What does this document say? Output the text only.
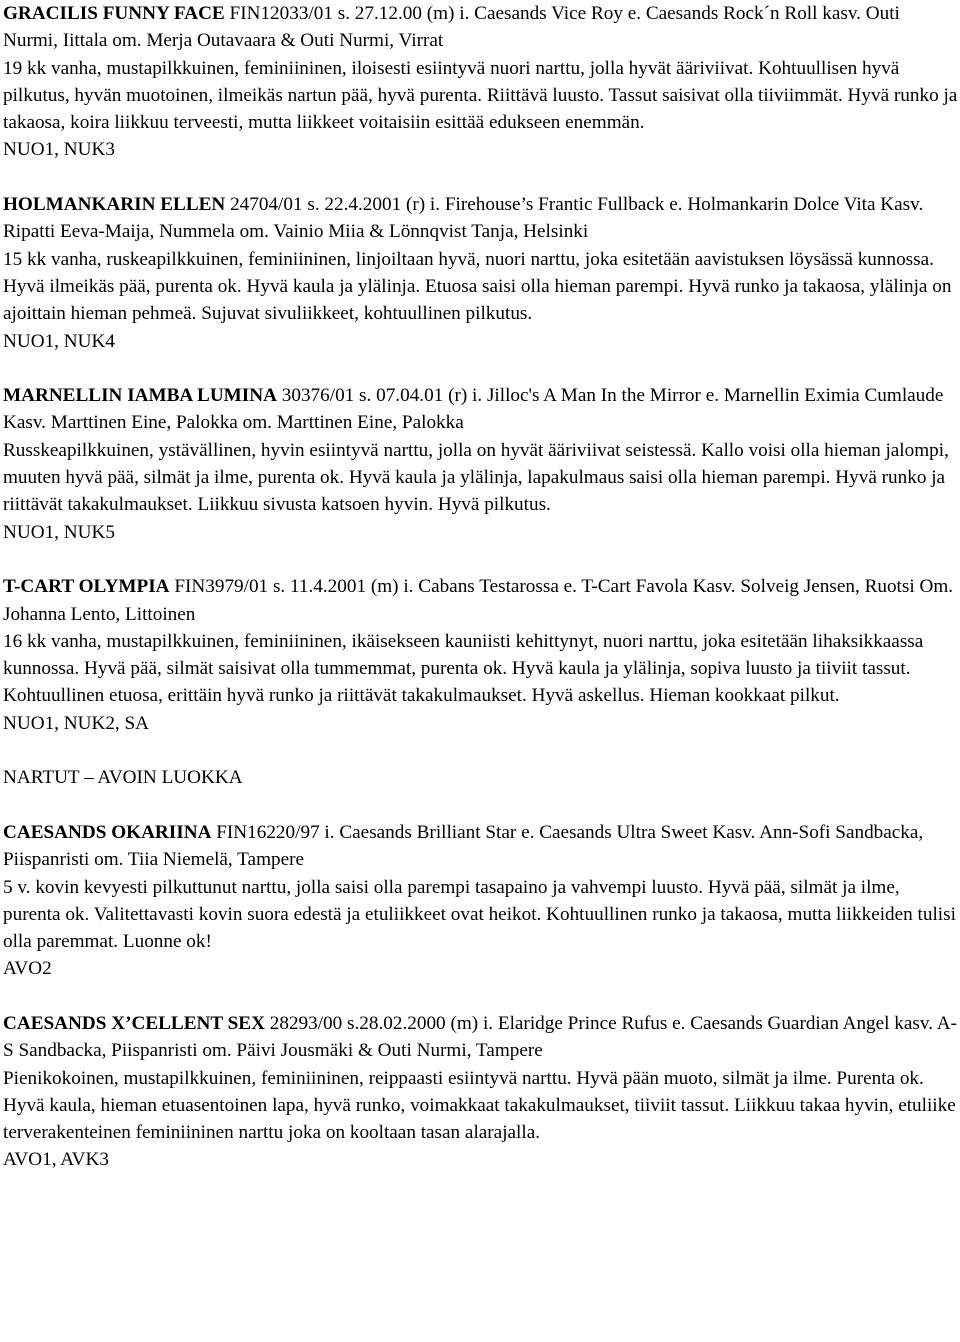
GRACILIS FUNNY FACE FIN12033/01 s. 27.12.00 (m) i. Caesands Vice Roy e. Caesands Rock´n Roll kasv. Outi Nurmi, Iittala om. Merja Outavaara & Outi Nurmi, Virrat

19 kk vanha, mustapilkkuinen, feminiininen, iloisesti esiintyvä nuori narttu, jolla hyvät ääriviivat. Kohtuullisen hyvä pilkutus, hyvän muotoinen, ilmeikäs nartun pää, hyvä purenta. Riittävä luusto. Tassut saisivat olla tiiviimmät. Hyvä runko ja takaosa, koira liikkuu terveesti, mutta liikkeet voitaisiin esittää edukseen enemmän.

NUO1, NUK3

HOLMANKARIN ELLEN 24704/01 s. 22.4.2001 (r) i. Firehouse’s Frantic Fullback e. Holmankarin Dolce Vita Kasv. Ripatti Eeva-Maija, Nummela om. Vainio Miia & Lönnqvist Tanja, Helsinki

15 kk vanha, ruskeapilkkuinen, feminiininen, linjoiltaan hyvä, nuori narttu, joka esitetään aavistuksen löysässä kunnossa. Hyvä ilmeikäs pää, purenta ok. Hyvä kaula ja ylälinja. Etuosa saisi olla hieman parempi. Hyvä runko ja takaosa, ylälinja on ajoittain hieman pehmeä. Sujuvat sivuliikkeet, kohtuullinen pilkutus.

NUO1, NUK4

MARNELLIN IAMBA LUMINA 30376/01 s. 07.04.01 (r) i. Jilloc's A Man In the Mirror e. Marnellin Eximia Cumlaude Kasv. Marttinen Eine, Palokka om. Marttinen Eine, Palokka

Russkeapilkkuinen, ystävällinen, hyvin esiintyvä narttu, jolla on hyvät ääriviivat seistessä. Kallo voisi olla hieman jalompi, muuten hyvä pää, silmät ja ilme, purenta ok. Hyvä kaula ja ylälinja, lapakulmaus saisi olla hieman parempi. Hyvä runko ja riittävät takakulmaukset. Liikkuu sivusta katsoen hyvin. Hyvä pilkutus.

NUO1, NUK5

T-CART OLYMPIA FIN3979/01 s. 11.4.2001 (m) i. Cabans Testarossa e. T-Cart Favola Kasv. Solveig Jensen, Ruotsi Om. Johanna Lento, Littoinen

16 kk vanha, mustapilkkuinen, feminiininen, ikäisekseen kauniisti kehittynyt, nuori narttu, joka esitetään lihaksikkaassa kunnossa. Hyvä pää, silmät saisivat olla tummemmat, purenta ok. Hyvä kaula ja ylälinja, sopiva luusto ja tiiviit tassut. Kohtuullinen etuosa, erittäin hyvä runko ja riittävät takakulmaukset. Hyvä askellus. Hieman kookkaat pilkut.

NUO1, NUK2, SA

NARTUT – AVOIN LUOKKA

CAESANDS OKARIINA FIN16220/97 i. Caesands Brilliant Star e. Caesands Ultra Sweet Kasv. Ann-Sofi Sandbacka, Piispanristi om. Tiia Niemelä, Tampere

5 v. kovin kevyesti pilkuttunut narttu, jolla saisi olla parempi tasapaino ja vahvempi luusto. Hyvä pää, silmät ja ilme, purenta ok. Valitettavasti kovin suora edestä ja etuliikkeet ovat heikot. Kohtuullinen runko ja takaosa, mutta liikkeiden tulisi olla paremmat. Luonne ok!

AVO2

CAESANDS X’CELLENT SEX 28293/00 s.28.02.2000 (m) i. Elaridge Prince Rufus e. Caesands Guardian Angel kasv. A-S Sandbacka, Piispanristi om. Päivi Jousmäki & Outi Nurmi, Tampere

Pienikokoinen, mustapilkkuinen, feminiininen, reippaasti esiintyvä narttu. Hyvä pään muoto, silmät ja ilme. Purenta ok. Hyvä kaula, hieman etuasentoinen lapa, hyvä runko, voimakkaat takakulmaukset, tiiviit tassut. Liikkuu takaa hyvin, etuliike terverakenteinen feminiininen narttu joka on kooltaan tasan alarajalla.

AVO1, AVK3
